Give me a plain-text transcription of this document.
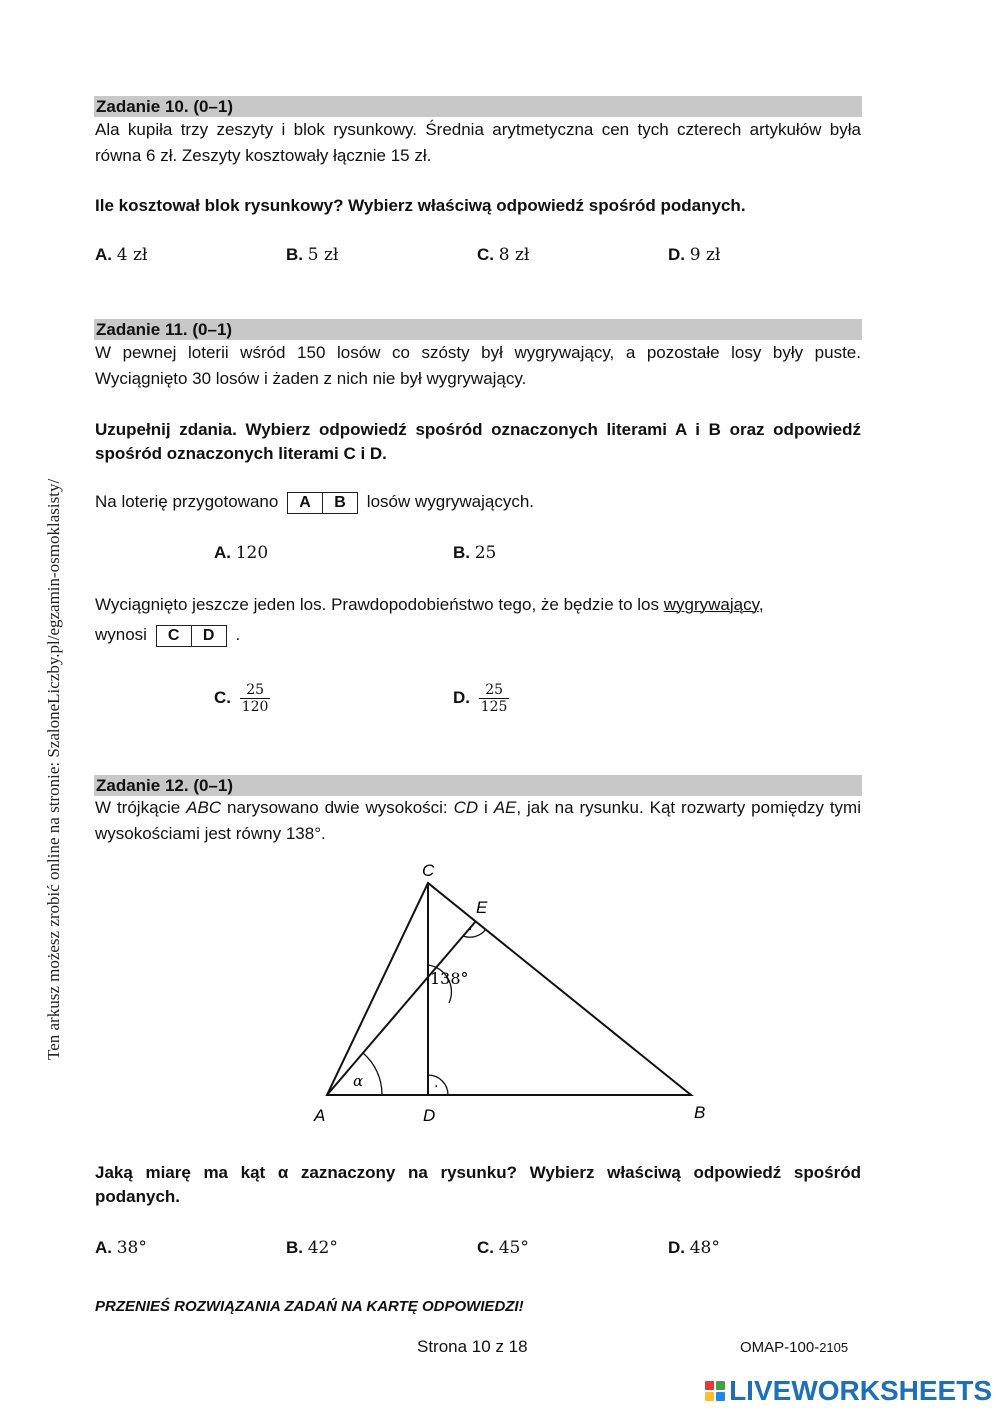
Ten arkusz możesz zrobić online na stronie: SzaloneLiczby.pl/egzamin-osmoklasisty/
Zadanie 10. (0–1)
Ala kupiła trzy zeszyty i blok rysunkowy. Średnia arytmetyczna cen tych czterech artykułów była równa 6 zł. Zeszyty kosztowały łącznie 15 zł.
Ile kosztował blok rysunkowy? Wybierz właściwą odpowiedź spośród podanych.
A. 4 zł	B. 5 zł	C. 8 zł	D. 9 zł
Zadanie 11. (0–1)
W pewnej loterii wśród 150 losów co szósty był wygrywający, a pozostałe losy były puste. Wyciągnięto 30 losów i żaden z nich nie był wygrywający.
Uzupełnij zdania. Wybierz odpowiedź spośród oznaczonych literami A i B oraz odpowiedź spośród oznaczonych literami C i D.
Na loterię przygotowano	A	B	losów wygrywających.
A. 120	B. 25
Wyciągnięto jeszcze jeden los. Prawdopodobieństwo tego, że będzie to los wygrywający,
wynosi	C	D	.
C. $\frac{25}{120}$	D. $\frac{25}{125}$
Zadanie 12. (0–1)
W trójkącie ABC narysowano dwie wysokości: CD i AE, jak na rysunku. Kąt rozwarty pomiędzy tymi wysokościami jest równy 138°.
·
·
138°
α
C
E
A	D	B
Jaką miarę ma kąt α zaznaczony na rysunku? Wybierz właściwą odpowiedź spośród podanych.
A. 38°	B. 42°	C. 45°	D. 48°
PRZENIEŚ ROZWIĄZANIA ZADAŃ NA KARTĘ ODPOWIEDZI!
Strona 10 z 18	OMAP-100-2105
LIVEWORKSHEETS
